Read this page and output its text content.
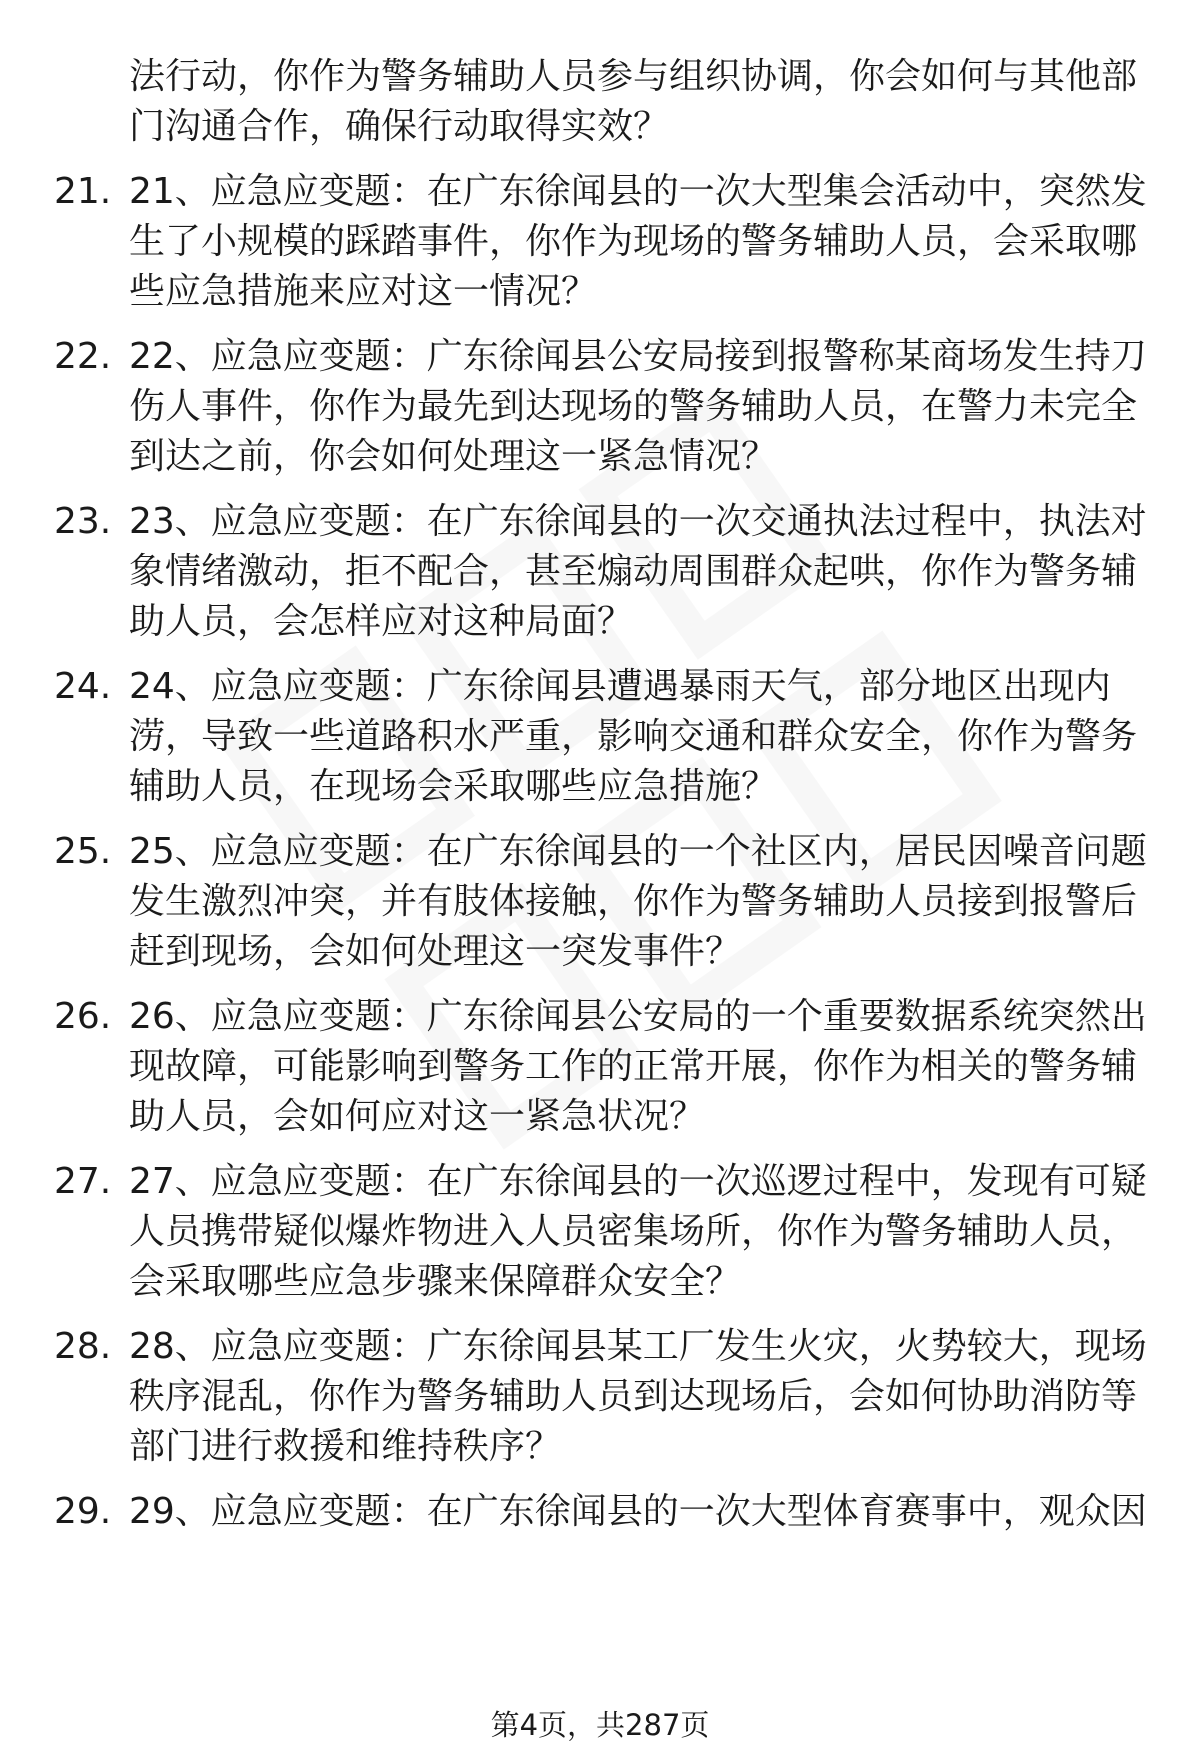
法行动，你作为警务辅助人员参与组织协调，你会如何与其他部
门沟通合作，确保行动取得实效？
21. 21、应急应变题：在广东徐闻县的一次大型集会活动中，突然发
生了小规模的踩踏事件，你作为现场的警务辅助人员，会采取哪
些应急措施来应对这一情况？
22. 22、应急应变题：广东徐闻县公安局接到报警称某商场发生持刀
伤人事件，你作为最先到达现场的警务辅助人员，在警力未完全
到达之前，你会如何处理这一紧急情况？
23. 23、应急应变题：在广东徐闻县的一次交通执法过程中，执法对
象情绪激动，拒不配合，甚至煽动周围群众起哄，你作为警务辅
助人员，会怎样应对这种局面？
24. 24、应急应变题：广东徐闻县遭遇暴雨天气，部分地区出现内
涝，导致一些道路积水严重，影响交通和群众安全，你作为警务
辅助人员，在现场会采取哪些应急措施？
25. 25、应急应变题：在广东徐闻县的一个社区内，居民因噪音问题
发生激烈冲突，并有肢体接触，你作为警务辅助人员接到报警后
赶到现场，会如何处理这一突发事件？
26. 26、应急应变题：广东徐闻县公安局的一个重要数据系统突然出
现故障，可能影响到警务工作的正常开展，你作为相关的警务辅
助人员，会如何应对这一紧急状况？
27. 27、应急应变题：在广东徐闻县的一次巡逻过程中，发现有可疑
人员携带疑似爆炸物进入人员密集场所，你作为警务辅助人员，
会采取哪些应急步骤来保障群众安全？
28. 28、应急应变题：广东徐闻县某工厂发生火灾，火势较大，现场
秩序混乱，你作为警务辅助人员到达现场后，会如何协助消防等
部门进行救援和维持秩序？
29. 29、应急应变题：在广东徐闻县的一次大型体育赛事中，观众因
第4页，共287页
